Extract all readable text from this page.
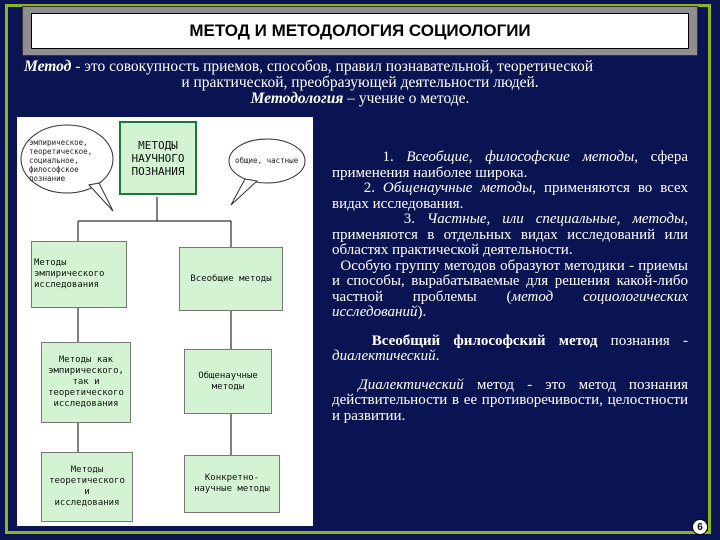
МЕТОД И МЕТОДОЛОГИЯ СОЦИОЛОГИИ
Метод - это совокупность приемов, способов, правил познавательной, теоретической
и практической, преобразующей деятельности людей.
Методология – учение о методе.
эмпирическое,
теоретическое,
социальное,
философское
познание
общие, частные
МЕТОДЫ
НАУЧНОГО
ПОЗНАНИЯ
Методы эмпирического
исследования
Всеобщие методы
Методы как
эмпирического,
так и
теоретического
исследования
Общенаучные
методы
Методы
теоретического и
исследования
Конкретно-
научные методы

1. Всеобщие, философские методы, сфера применения наиболее широка.

2. Общенаучные методы, применяются во всех видах исследования.

3. Частные, или специальные, методы, применяются в отдельных видах исследований или областях практической деятельности.

Особую группу методов образуют методики - приемы и способы, вырабатываемые для решения какой-либо частной проблемы (метод социологических исследований).

Всеобщий философский метод познания - диалектический.

Диалектический метод - это метод познания действительности в ее противоречивости, целостности и развитии.

6
